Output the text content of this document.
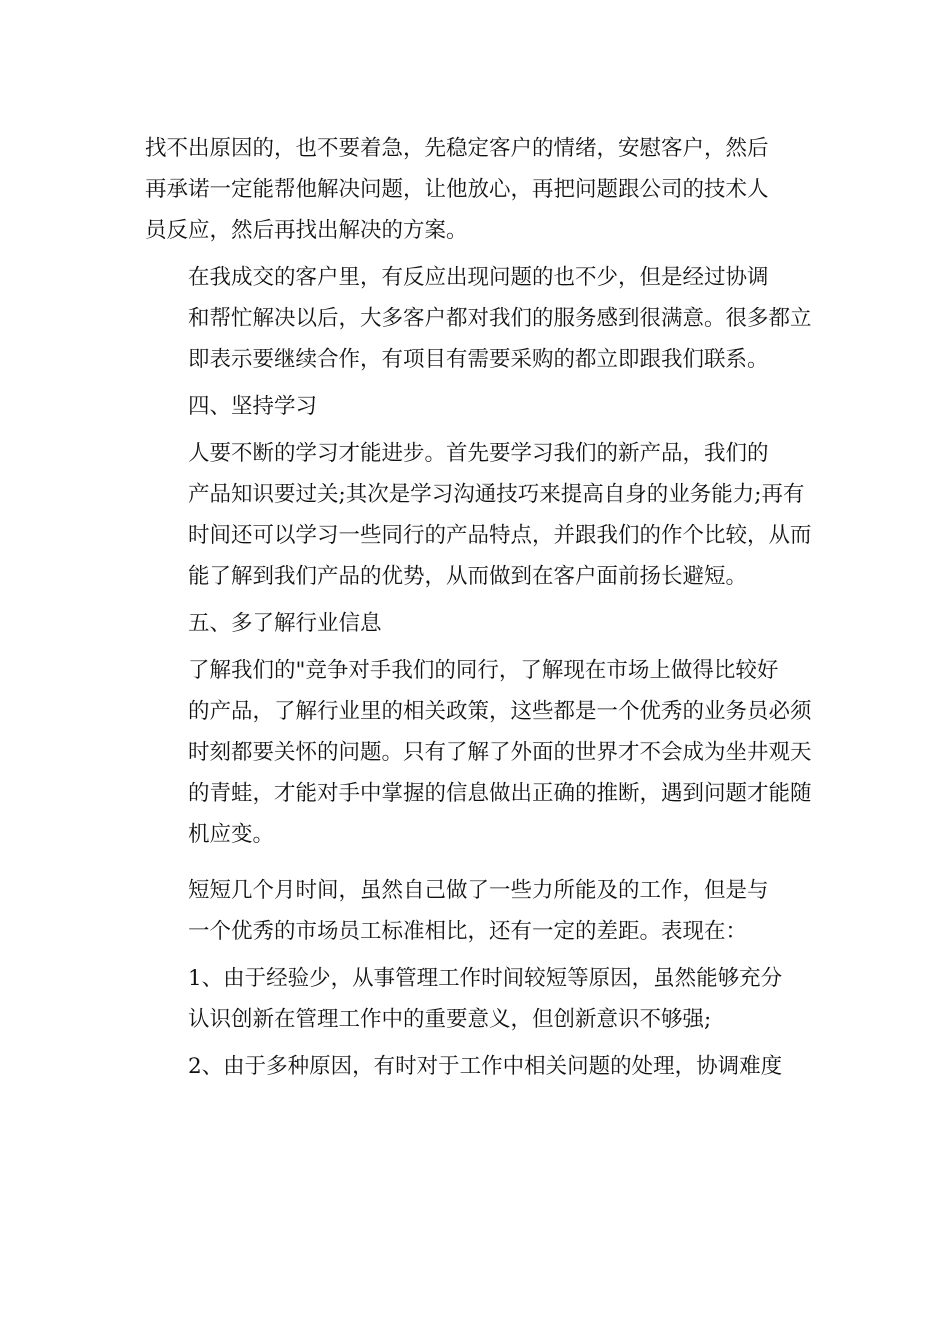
找不出原因的，也不要着急，先稳定客户的情绪，安慰客户，然后
再承诺一定能帮他解决问题，让他放心，再把问题跟公司的技术人
员反应，然后再找出解决的方案。

在我成交的客户里，有反应出现问题的也不少，但是经过协调
和帮忙解决以后，大多客户都对我们的服务感到很满意。很多都立
即表示要继续合作，有项目有需要采购的都立即跟我们联系。

四、坚持学习

人要不断的学习才能进步。首先要学习我们的新产品，我们的
产品知识要过关;其次是学习沟通技巧来提高自身的业务能力;再有
时间还可以学习一些同行的产品特点，并跟我们的作个比较，从而
能了解到我们产品的优势，从而做到在客户面前扬长避短。

五、多了解行业信息

了解我们的"竞争对手我们的同行，了解现在市场上做得比较好
的产品，了解行业里的相关政策，这些都是一个优秀的业务员必须
时刻都要关怀的问题。只有了解了外面的世界才不会成为坐井观天
的青蛙，才能对手中掌握的信息做出正确的推断，遇到问题才能随
机应变。

短短几个月时间，虽然自己做了一些力所能及的工作，但是与
一个优秀的市场员工标准相比，还有一定的差距。表现在：

1、由于经验少，从事管理工作时间较短等原因，虽然能够充分
认识创新在管理工作中的重要意义，但创新意识不够强;

2、由于多种原因，有时对于工作中相关问题的处理，协调难度
